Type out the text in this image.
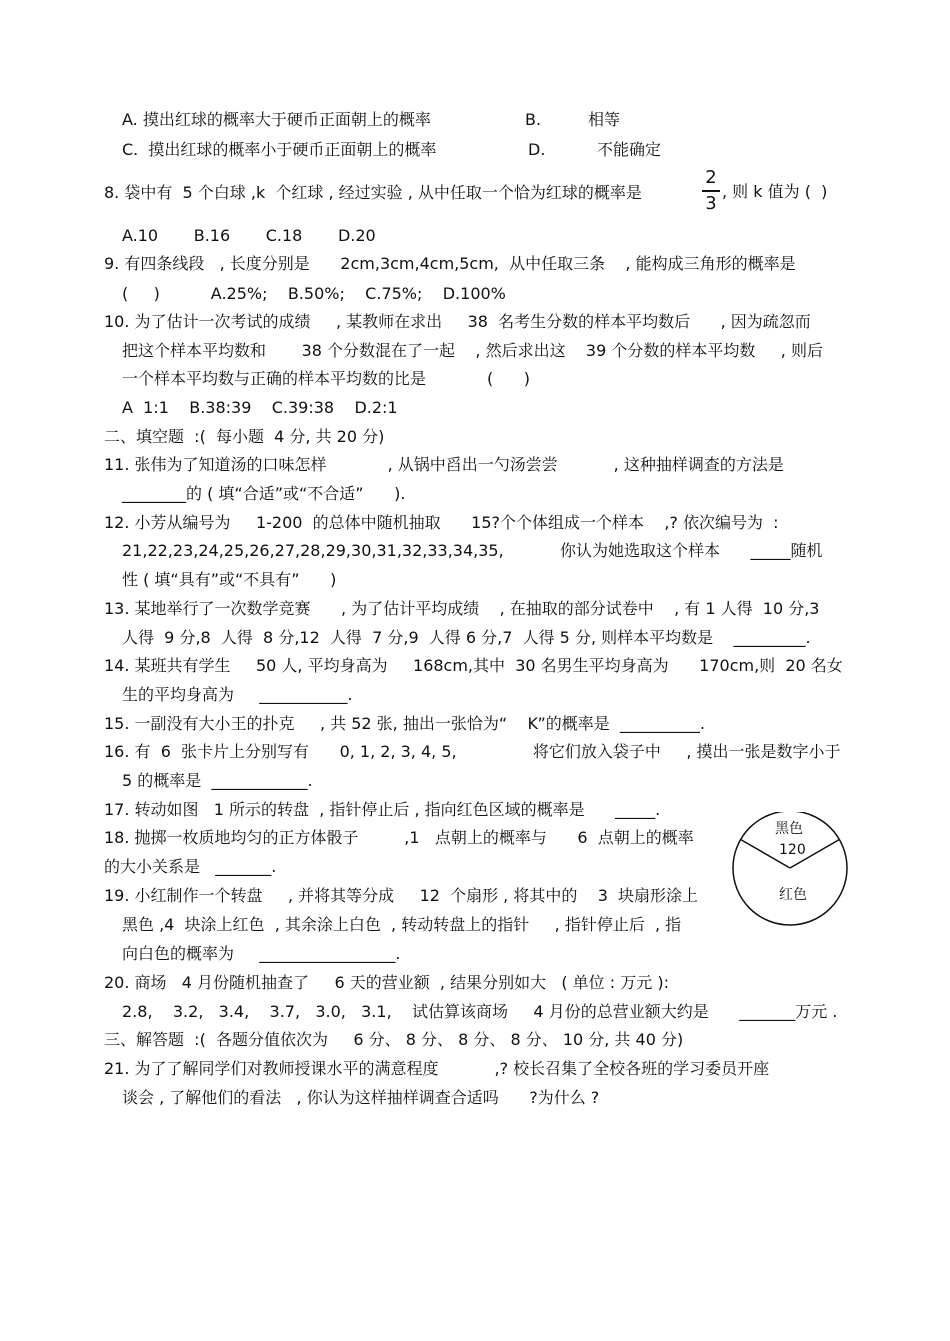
A. 摸出红球的概率大于硬币正面朝上的概率	B.	相等
C.  摸出红球的概率小于硬币正面朝上的概率	D.	不能确定
8. 袋中有  5 个白球 ,k  个红球 , 经过实验 , 从中任取一个恰为红球的概率是
2
3
, 则 k 值为 (  )
A.10       B.16       C.18       D.20
9. 有四条线段   , 长度分别是      2cm,3cm,4cm,5cm,  从中任取三条    , 能构成三角形的概率是
(     )          A.25%;    B.50%;    C.75%;    D.100%
10. 为了估计一次考试的成绩     , 某教师在求出     38  名考生分数的样本平均数后      , 因为疏忽而
把这个样本平均数和       38 个分数混在了一起    , 然后求出这    39 个分数的样本平均数     , 则后
一个样本平均数与正确的样本平均数的比是            (      )
A  1:1    B.38:39    C.39:38    D.2:1
二、填空题  :(  每小题  4 分, 共 20 分)
11. 张伟为了知道汤的口味怎样            , 从锅中舀出一勺汤尝尝           , 这种抽样调查的方法是
________的 ( 填“合适”或“不合适”      ).
12. 小芳从编号为     1-200  的总体中随机抽取      15?个个体组成一个样本    ,? 依次编号为  :
21,22,23,24,25,26,27,28,29,30,31,32,33,34,35,	你认为她选取这个样本      _____随机
性 ( 填“具有”或“不具有”      )
13. 某地举行了一次数学竞赛      , 为了估计平均成绩    , 在抽取的部分试卷中    , 有 1 人得  10 分,3
人得  9 分,8  人得  8 分,12  人得  7 分,9  人得 6 分,7  人得 5 分, 则样本平均数是    _________.
14. 某班共有学生     50 人, 平均身高为     168cm,其中  30 名男生平均身高为      170cm,则  20 名女
生的平均身高为     ___________.
15. 一副没有大小王的扑克     , 共 52 张, 抽出一张恰为“    K”的概率是  __________.
16. 有  6  张卡片上分别写有      0, 1, 2, 3, 4, 5,               将它们放入袋子中     , 摸出一张是数字小于
5 的概率是  ____________.
17. 转动如图   1 所示的转盘  , 指针停止后 , 指向红色区域的概率是      _____.
18. 抛掷一枚质地均匀的正方体骰子         ,1   点朝上的概率与      6  点朝上的概率
的大小关系是   _______.
19. 小红制作一个转盘     , 并将其等分成     12  个扇形 , 将其中的    3  块扇形涂上
黑色 ,4  块涂上红色  , 其余涂上白色  , 转动转盘上的指针     , 指针停止后  , 指
向白色的概率为     _________________.
20. 商场   4 月份随机抽查了     6 天的营业额  , 结果分别如大   ( 单位 : 万元 ):
2.8,    3.2,   3.4,    3.7,   3.0,   3.1,    试估算该商场     4 月份的总营业额大约是      _______万元 .
三、解答题  :(  各题分值依次为     6 分、 8 分、 8 分、 8 分、 10 分, 共 40 分)
21. 为了了解同学们对教师授课水平的满意程度           ,? 校长召集了全校各班的学习委员开座
谈会 , 了解他们的看法   , 你认为这样抽样调查合适吗      ?为什么 ?
黑色
120
红色
